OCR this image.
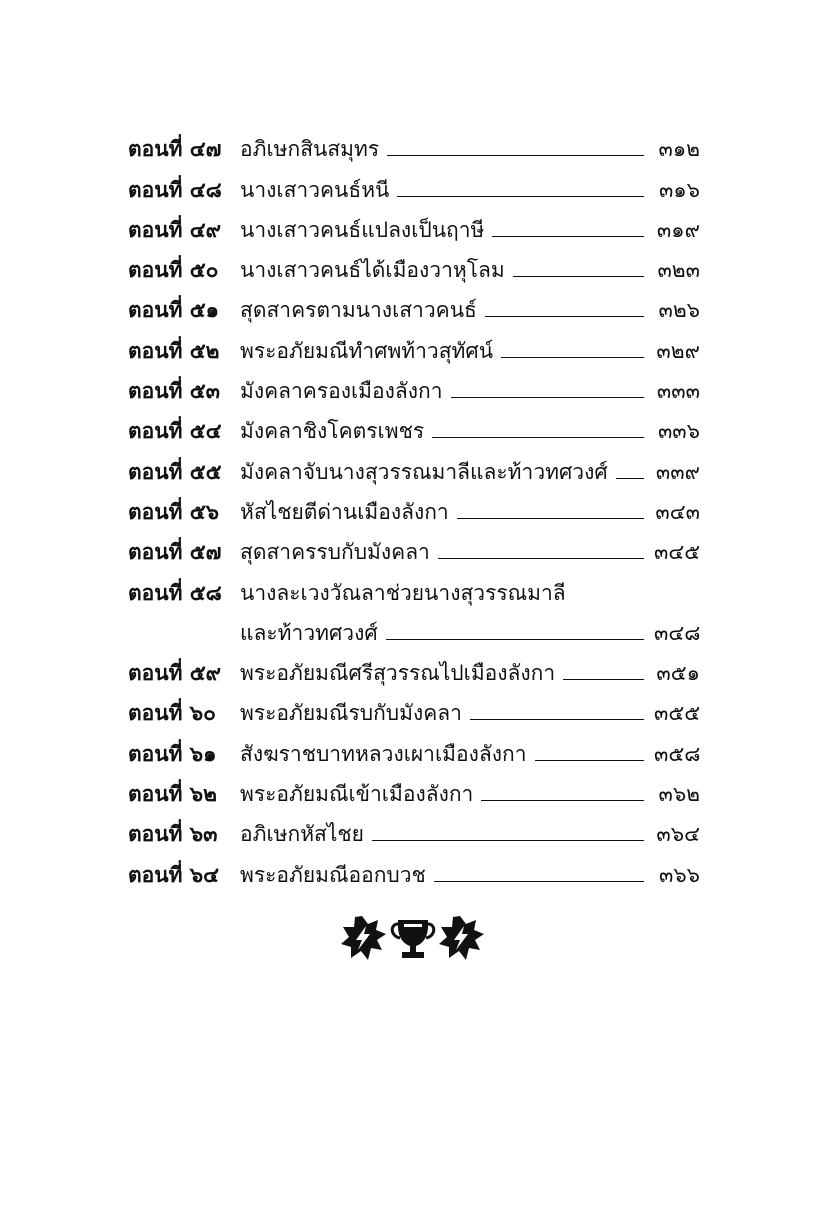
ตอนที่ ๔๗ อภิเษกสินสมุทร	๓๑๒
ตอนที่ ๔๘ นางเสาวคนธ์หนี	๓๑๖
ตอนที่ ๔๙ นางเสาวคนธ์แปลงเป็นฤาษี	๓๑๙
ตอนที่ ๕๐	นางเสาวคนธ์ได้เมืองวาหุโลม	๓๒๓
ตอนที่ ๕๑	สุดสาครตามนางเสาวคนธ์	๓๒๖
ตอนที่ ๕๒ พระอภัยมณีทำศพท้าวสุทัศน์	๓๒๙
ตอนที่ ๕๓ มังคลาครองเมืองลังกา	๓๓๓
ตอนที่ ๕๔ มังคลาชิงโคตรเพชร	๓๓๖
ตอนที่ ๕๕ มังคลาจับนางสุวรรณมาลีและท้าวทศวงศ์ ๓๓๙
ตอนที่ ๕๖	หัสไชยตีด่านเมืองลังกา	๓๔๓
ตอนที่ ๕๗ สุดสาครรบกับมังคลา	๓๔๕
ตอนที่ ๕๘ นางละเวงวัณลาช่วยนางสุวรรณมาลี
และท้าวทศวงศ์	๓๔๘
ตอนที่ ๕๙ พระอภัยมณีศรีสุวรรณไปเมืองลังกา	๓๕๑
ตอนที่ ๖๐	พระอภัยมณีรบกับมังคลา	๓๕๕
ตอนที่ ๖๑	สังฆราชบาทหลวงเผาเมืองลังกา	๓๕๘
ตอนที่ ๖๒	พระอภัยมณีเข้าเมืองลังกา	๓๖๒
ตอนที่ ๖๓	อภิเษกหัสไชย	๓๖๔
ตอนที่ ๖๔	พระอภัยมณีออกบวช	๓๖๖
